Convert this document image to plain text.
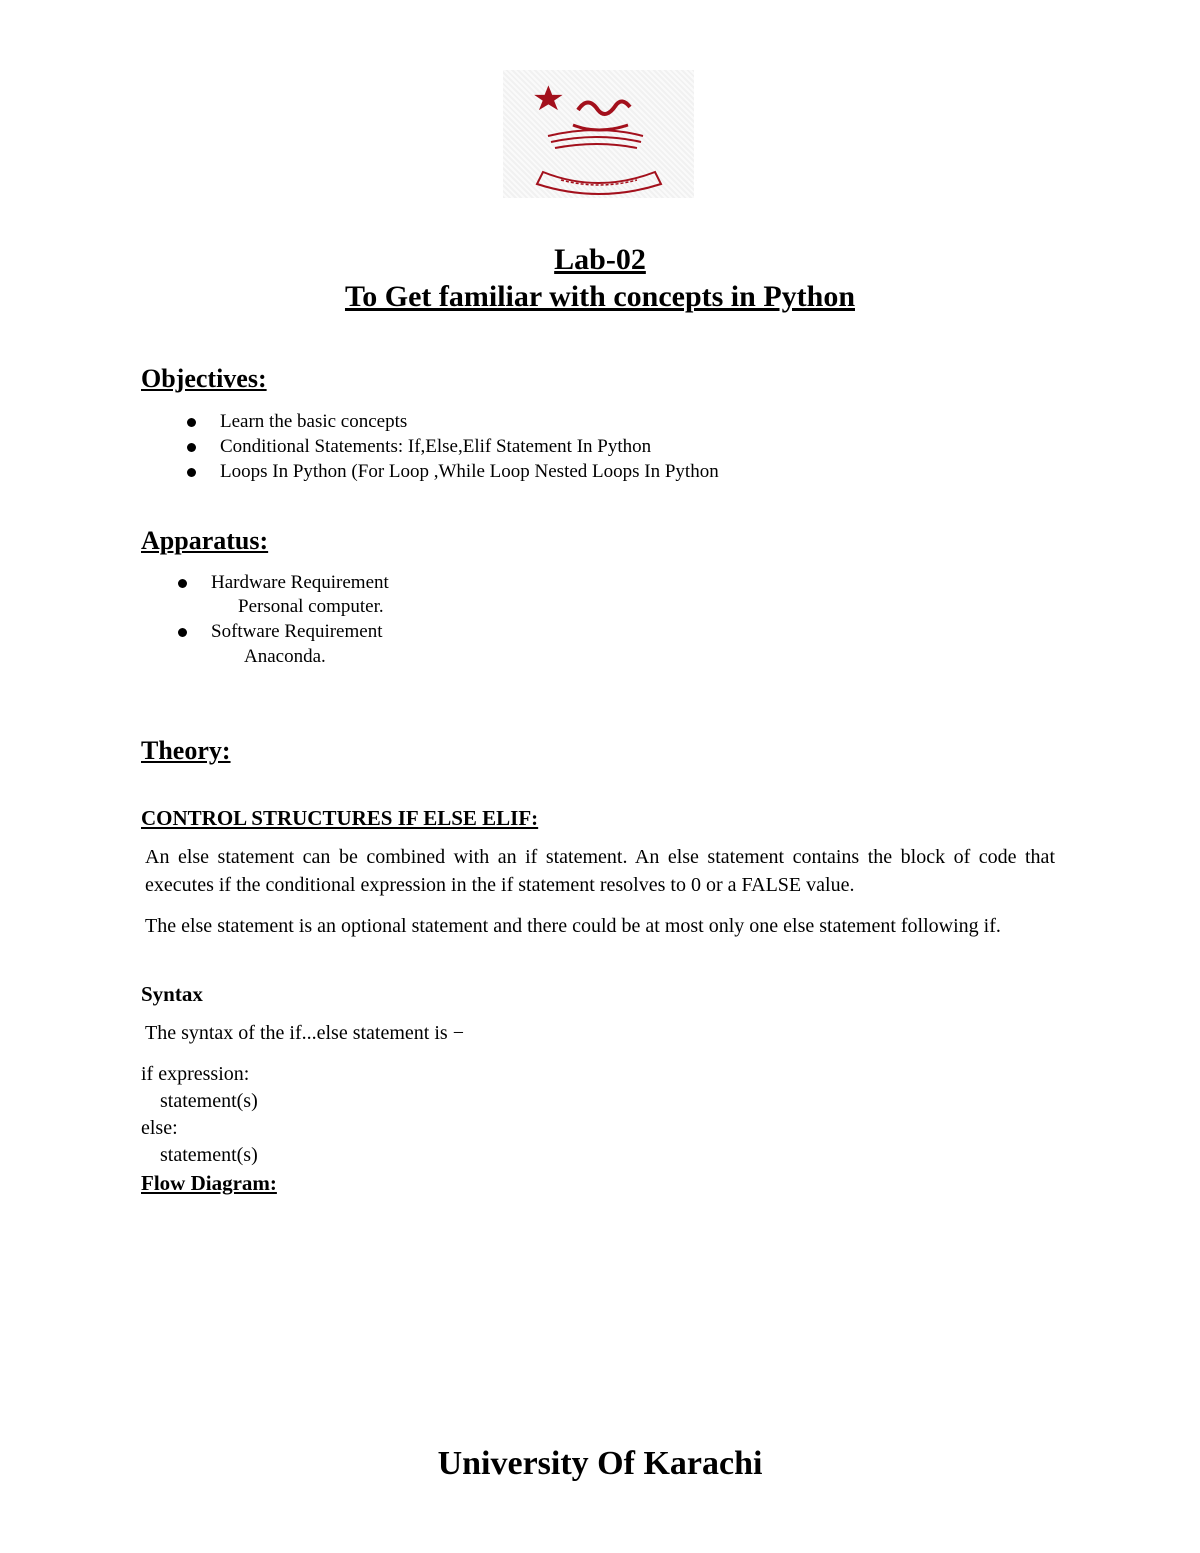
Lab-02
To Get familiar with concepts in Python
Objectives:
Learn the basic concepts
Conditional Statements: If,Else,Elif Statement In Python
Loops In Python (For Loop ,While Loop Nested Loops In Python
Apparatus:
Hardware Requirement
Personal computer.
Software Requirement
Anaconda.
Theory:
CONTROL STRUCTURES IF ELSE ELIF:
An else statement can be combined with an if statement. An else statement contains the block of code that executes if the conditional expression in the if statement resolves to 0 or a FALSE value.
The else statement is an optional statement and there could be at most only one else statement following if.
Syntax
The syntax of the if...else statement is −
if expression:
statement(s)
else:
statement(s)
Flow Diagram:
University Of Karachi
